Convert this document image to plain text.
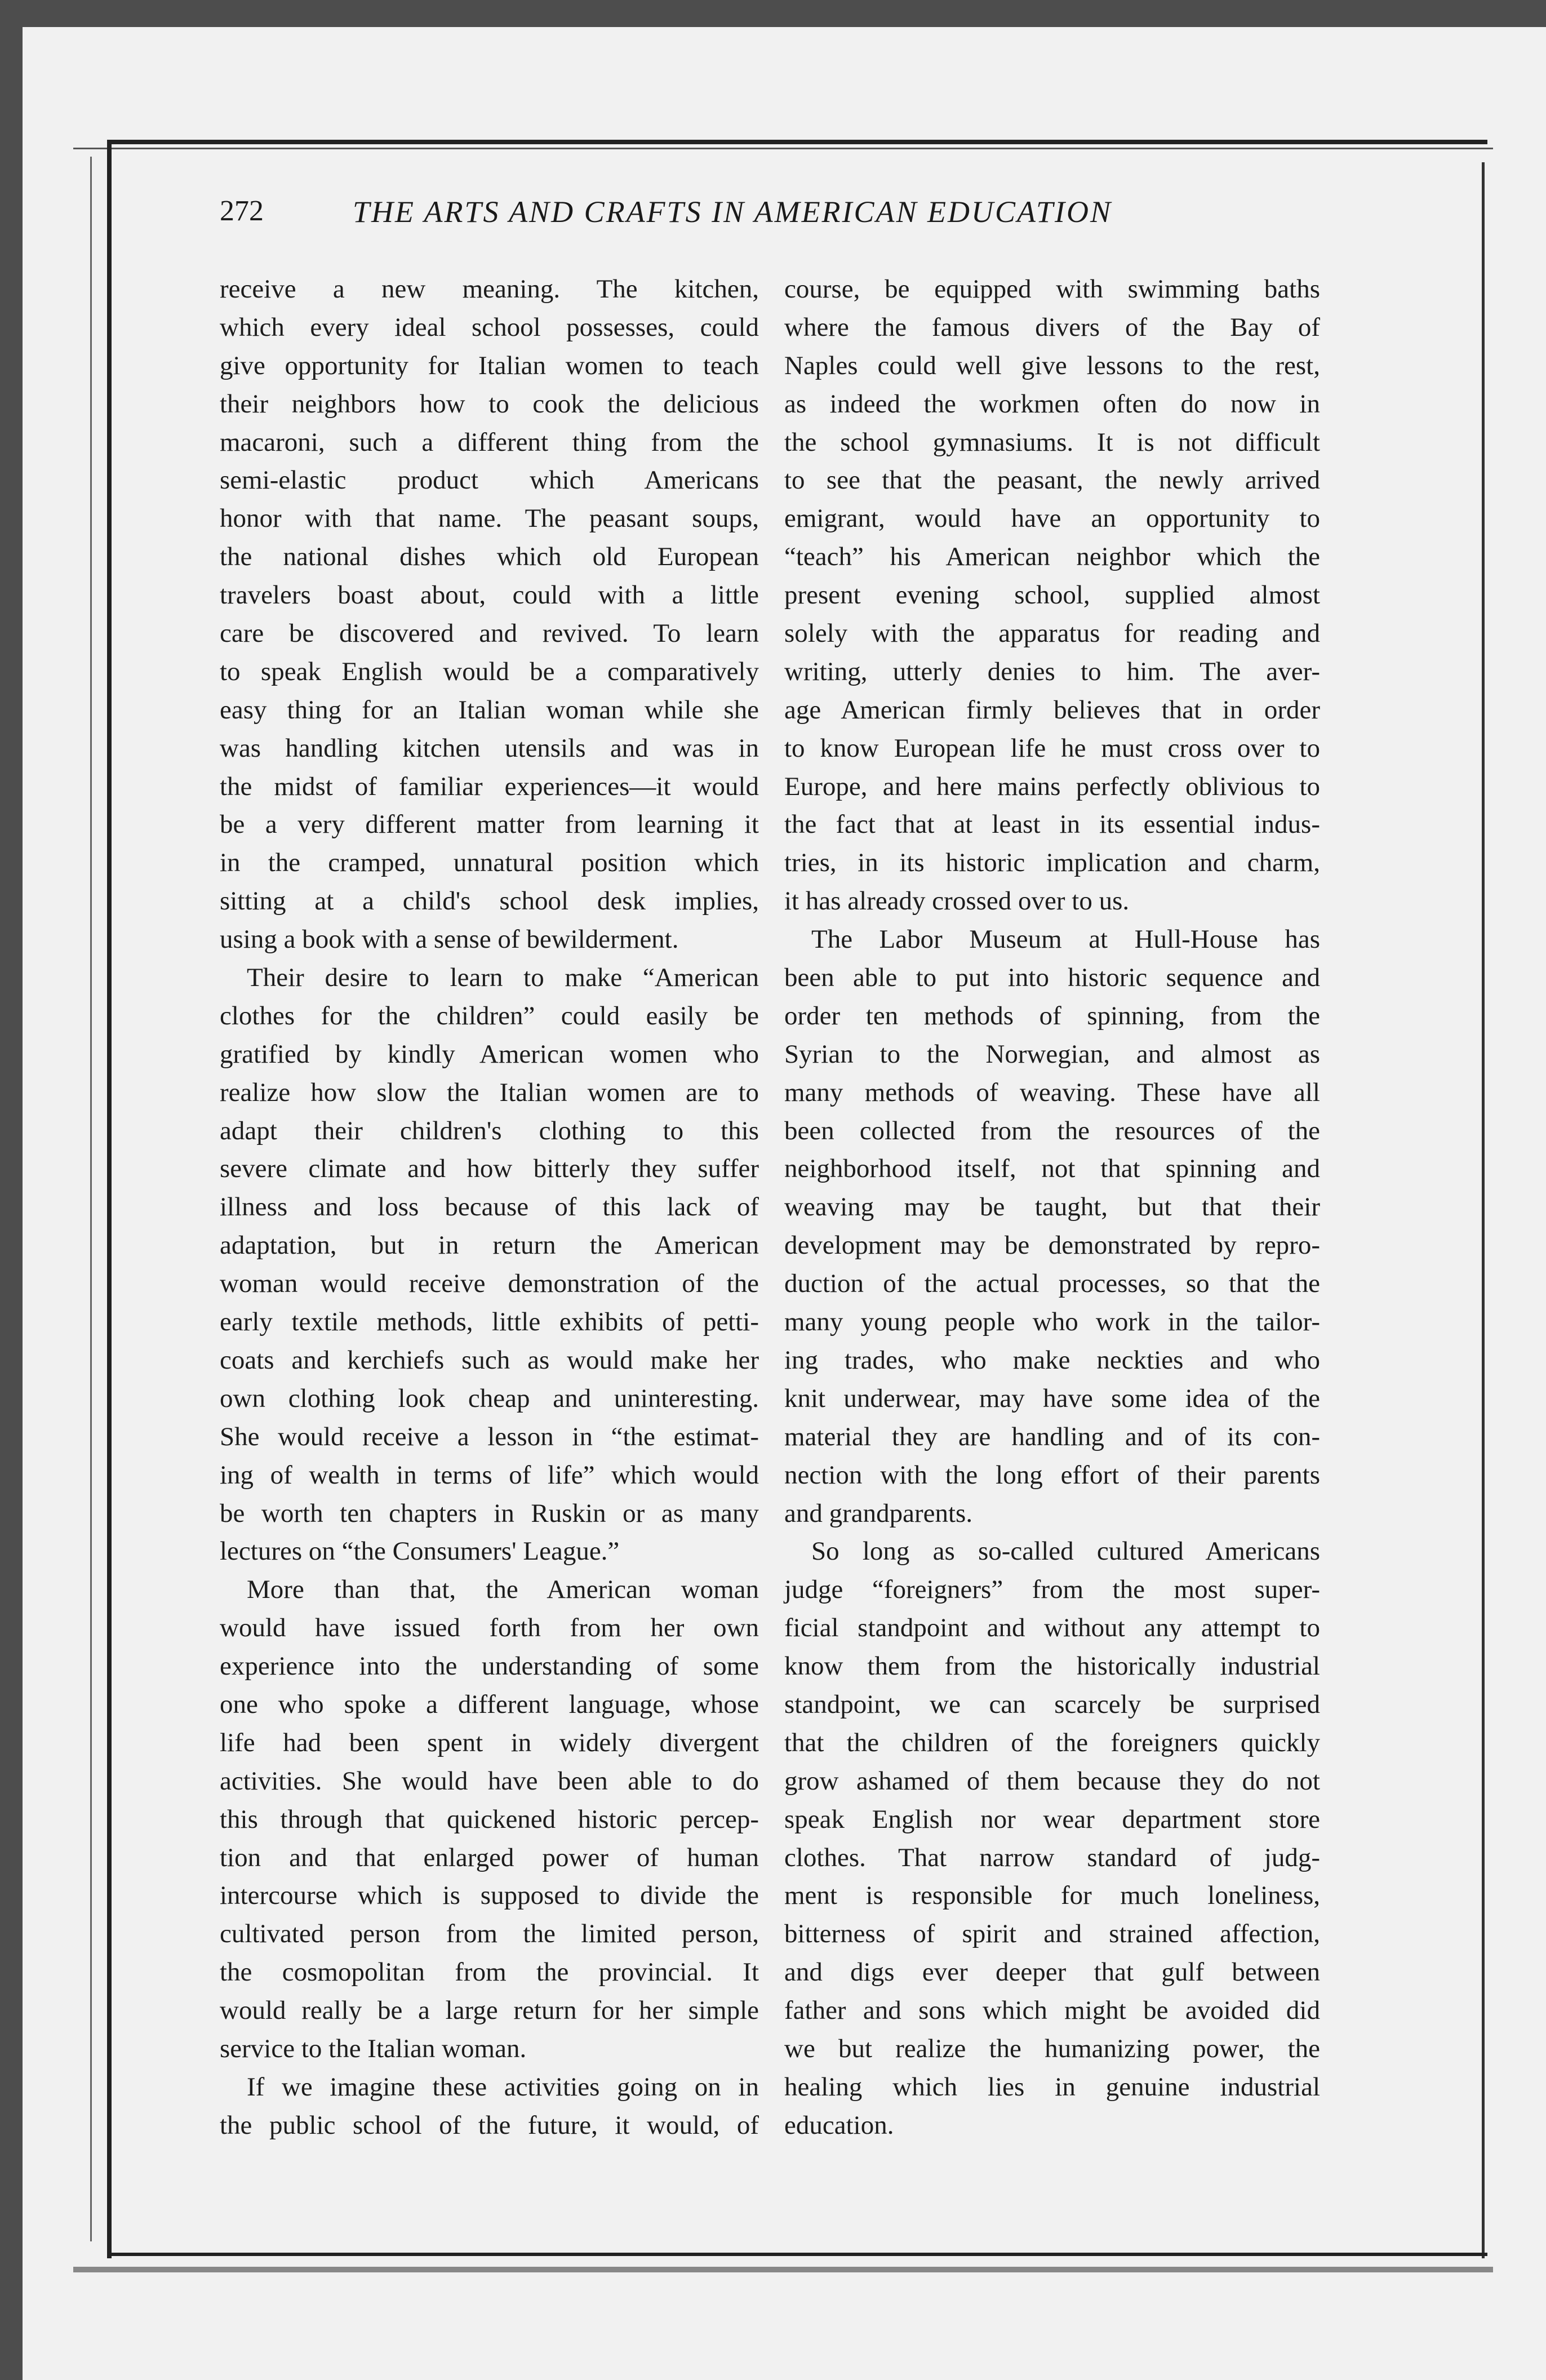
272	THE ARTS AND CRAFTS IN AMERICAN EDUCATION
receive a new meaning. The kitchen,
which every ideal school possesses, could
give opportunity for Italian women to teach
their neighbors how to cook the delicious
macaroni, such a different thing from the
semi-elastic product which Americans
honor with that name. The peasant soups,
the national dishes which old European
travelers boast about, could with a little
care be discovered and revived. To learn
to speak English would be a comparatively
easy thing for an Italian woman while she
was handling kitchen utensils and was in
the midst of familiar experiences—it would
be a very different matter from learning it
in the cramped, unnatural position which
sitting at a child's school desk implies,
using a book with a sense of bewilderment.
Their desire to learn to make “American
clothes for the children” could easily be
gratified by kindly American women who
realize how slow the Italian women are to
adapt their children's clothing to this
severe climate and how bitterly they suffer
illness and loss because of this lack of
adaptation, but in return the American
woman would receive demonstration of the
early textile methods, little exhibits of petti-
coats and kerchiefs such as would make her
own clothing look cheap and uninteresting.
She would receive a lesson in “the estimat-
ing of wealth in terms of life” which would
be worth ten chapters in Ruskin or as many
lectures on “the Consumers' League.”
More than that, the American woman
would have issued forth from her own
experience into the understanding of some
one who spoke a different language, whose
life had been spent in widely divergent
activities. She would have been able to do
this through that quickened historic percep-
tion and that enlarged power of human
intercourse which is supposed to divide the
cultivated person from the limited person,
the cosmopolitan from the provincial. It
would really be a large return for her simple
service to the Italian woman.
If we imagine these activities going on in
the public school of the future, it would, of
course, be equipped with swimming baths
where the famous divers of the Bay of
Naples could well give lessons to the rest,
as indeed the workmen often do now in
the school gymnasiums. It is not difficult
to see that the peasant, the newly arrived
emigrant, would have an opportunity to
“teach” his American neighbor which the
present evening school, supplied almost
solely with the apparatus for reading and
writing, utterly denies to him. The aver-
age American firmly believes that in order
to know European life he must cross over to
Europe, and here mains perfectly oblivious to
the fact that at least in its essential indus-
tries, in its historic implication and charm,
it has already crossed over to us.
The Labor Museum at Hull-House has
been able to put into historic sequence and
order ten methods of spinning, from the
Syrian to the Norwegian, and almost as
many methods of weaving. These have all
been collected from the resources of the
neighborhood itself, not that spinning and
weaving may be taught, but that their
development may be demonstrated by repro-
duction of the actual processes, so that the
many young people who work in the tailor-
ing trades, who make neckties and who
knit underwear, may have some idea of the
material they are handling and of its con-
nection with the long effort of their parents
and grandparents.
So long as so-called cultured Americans
judge “foreigners” from the most super-
ficial standpoint and without any attempt to
know them from the historically industrial
standpoint, we can scarcely be surprised
that the children of the foreigners quickly
grow ashamed of them because they do not
speak English nor wear department store
clothes. That narrow standard of judg-
ment is responsible for much loneliness,
bitterness of spirit and strained affection,
and digs ever deeper that gulf between
father and sons which might be avoided did
we but realize the humanizing power, the
healing which lies in genuine industrial
education.
